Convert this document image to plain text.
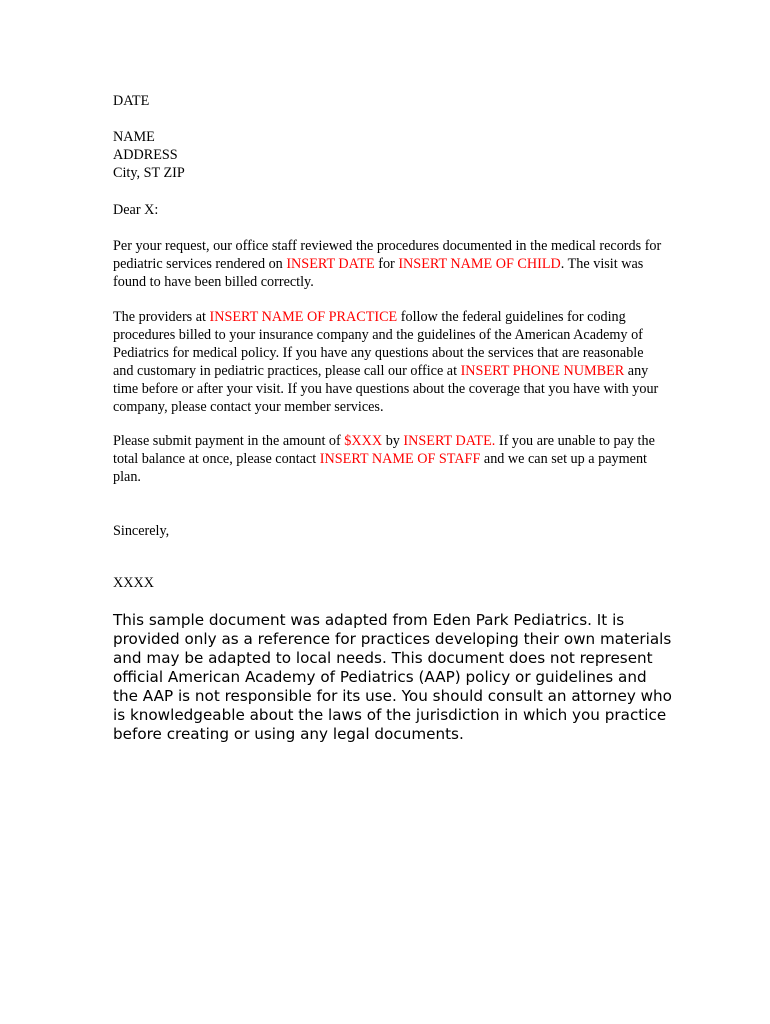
DATE

NAME

ADDRESS

City, ST ZIP

Dear X:

Per your request, our office staff reviewed the procedures documented in the medical records for pediatric services rendered on INSERT DATE for INSERT NAME OF CHILD. The visit was found to have been billed correctly.

The providers at INSERT NAME OF PRACTICE follow the federal guidelines for coding procedures billed to your insurance company and the guidelines of the American Academy of Pediatrics for medical policy. If you have any questions about the services that are reasonable and customary in pediatric practices, please call our office at INSERT PHONE NUMBER any time before or after your visit. If you have questions about the coverage that you have with your company, please contact your member services.

Please submit payment in the amount of $XXX by INSERT DATE. If you are unable to pay the total balance at once, please contact INSERT NAME OF STAFF and we can set up a payment plan.

Sincerely,

XXXX

This sample document was adapted from Eden Park Pediatrics. It is provided only as a reference for practices developing their own materials and may be adapted to local needs. This document does not represent official American Academy of Pediatrics (AAP) policy or guidelines and the AAP is not responsible for its use. You should consult an attorney who is knowledgeable about the laws of the jurisdiction in which you practice before creating or using any legal documents.
